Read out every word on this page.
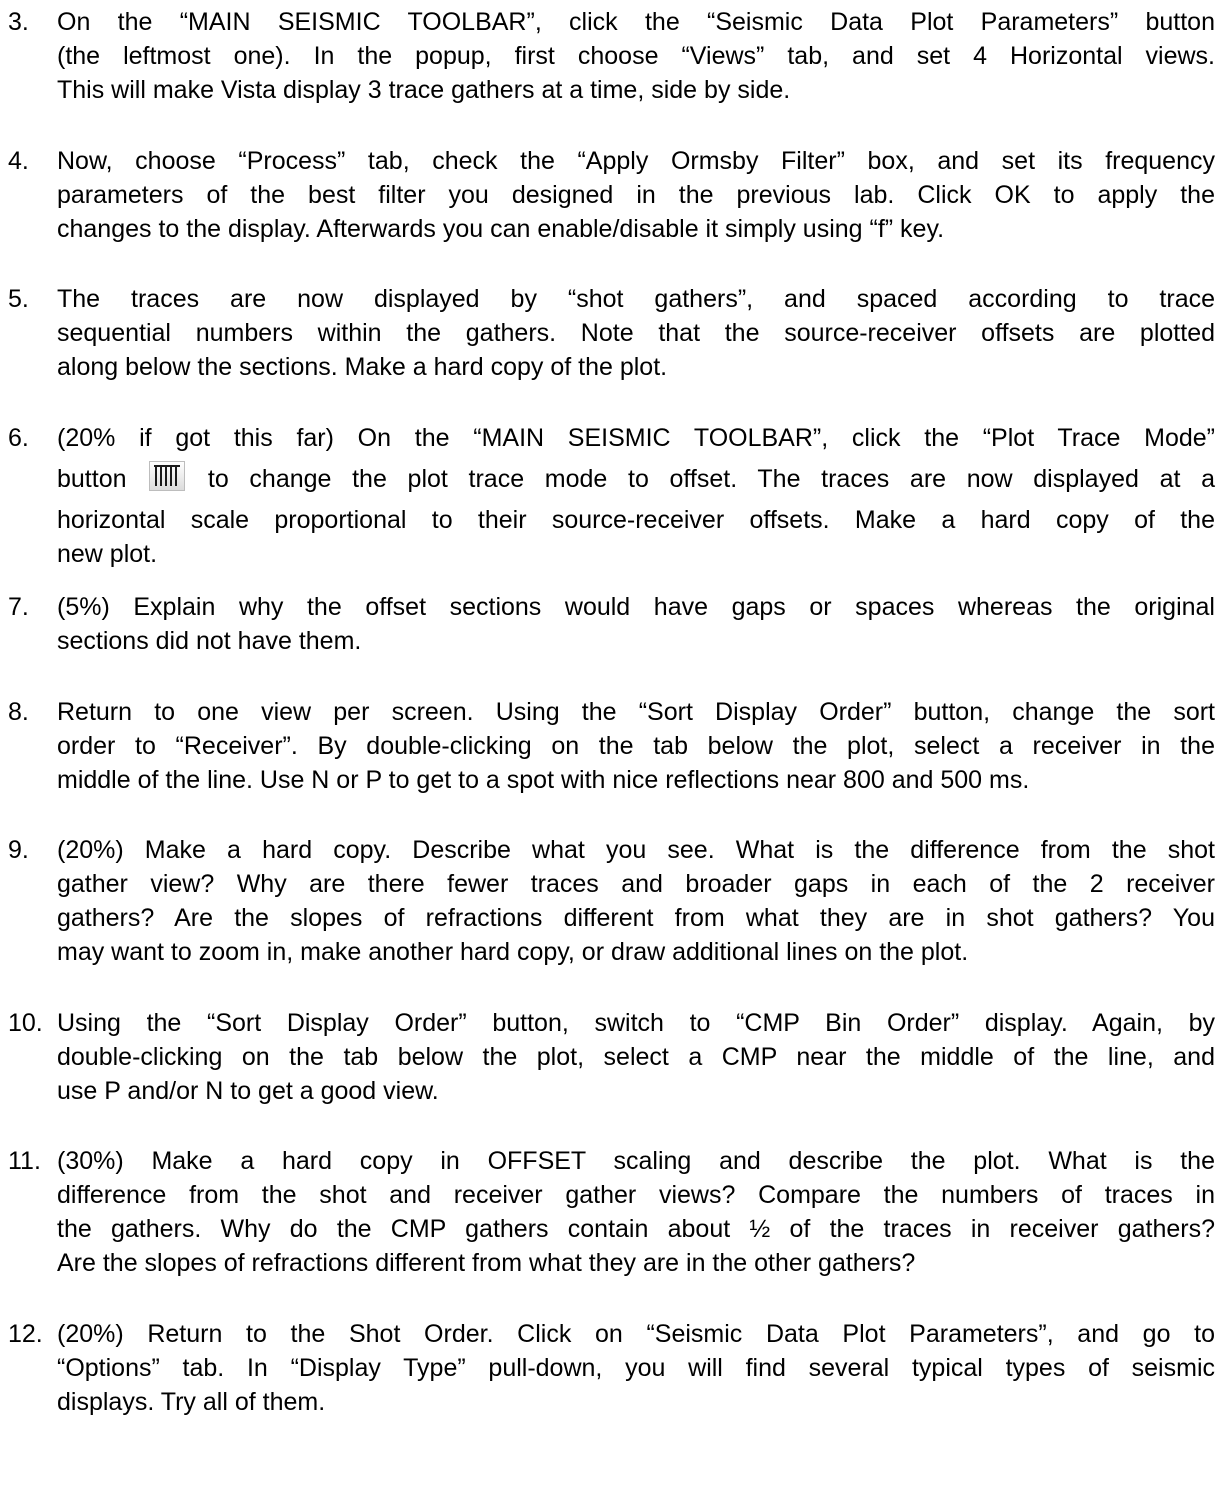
3. On the “MAIN SEISMIC TOOLBAR”, click the “Seismic Data Plot Parameters” button
(the leftmost one). In the popup, first choose “Views” tab, and set 4 Horizontal views.
This will make Vista display 3 trace gathers at a time, side by side.
4. Now, choose “Process” tab, check the “Apply Ormsby Filter” box, and set its frequency
parameters of the best filter you designed in the previous lab. Click OK to apply the
changes to the display. Afterwards you can enable/disable it simply using “f” key.
5. The traces are now displayed by “shot gathers”, and spaced according to trace
sequential numbers within the gathers. Note that the source-receiver offsets are plotted
along below the sections. Make a hard copy of the plot.
6. (20% if got this far) On the “MAIN SEISMIC TOOLBAR”, click the “Plot Trace Mode”
button	to change the plot trace mode to offset. The traces are now displayed at a
horizontal scale proportional to their source-receiver offsets. Make a hard copy of the
new plot.
7. (5%) Explain why the offset sections would have gaps or spaces whereas the original
sections did not have them.
8. Return to one view per screen. Using the “Sort Display Order” button, change the sort
order to “Receiver”. By double-clicking on the tab below the plot, select a receiver in the
middle of the line. Use N or P to get to a spot with nice reflections near 800 and 500 ms.
9. (20%) Make a hard copy. Describe what you see. What is the difference from the shot
gather view? Why are there fewer traces and broader gaps in each of the 2 receiver
gathers? Are the slopes of refractions different from what they are in shot gathers? You
may want to zoom in, make another hard copy, or draw additional lines on the plot.
10. Using the “Sort Display Order” button, switch to “CMP Bin Order” display. Again, by
double-clicking on the tab below the plot, select a CMP near the middle of the line, and
use P and/or N to get a good view.
11. (30%) Make a hard copy in OFFSET scaling and describe the plot. What is the
difference from the shot and receiver gather views? Compare the numbers of traces in
the gathers. Why do the CMP gathers contain about ½ of the traces in receiver gathers?
Are the slopes of refractions different from what they are in the other gathers?
12. (20%) Return to the Shot Order. Click on “Seismic Data Plot Parameters”, and go to
“Options” tab. In “Display Type” pull-down, you will find several typical types of seismic
displays. Try all of them.
